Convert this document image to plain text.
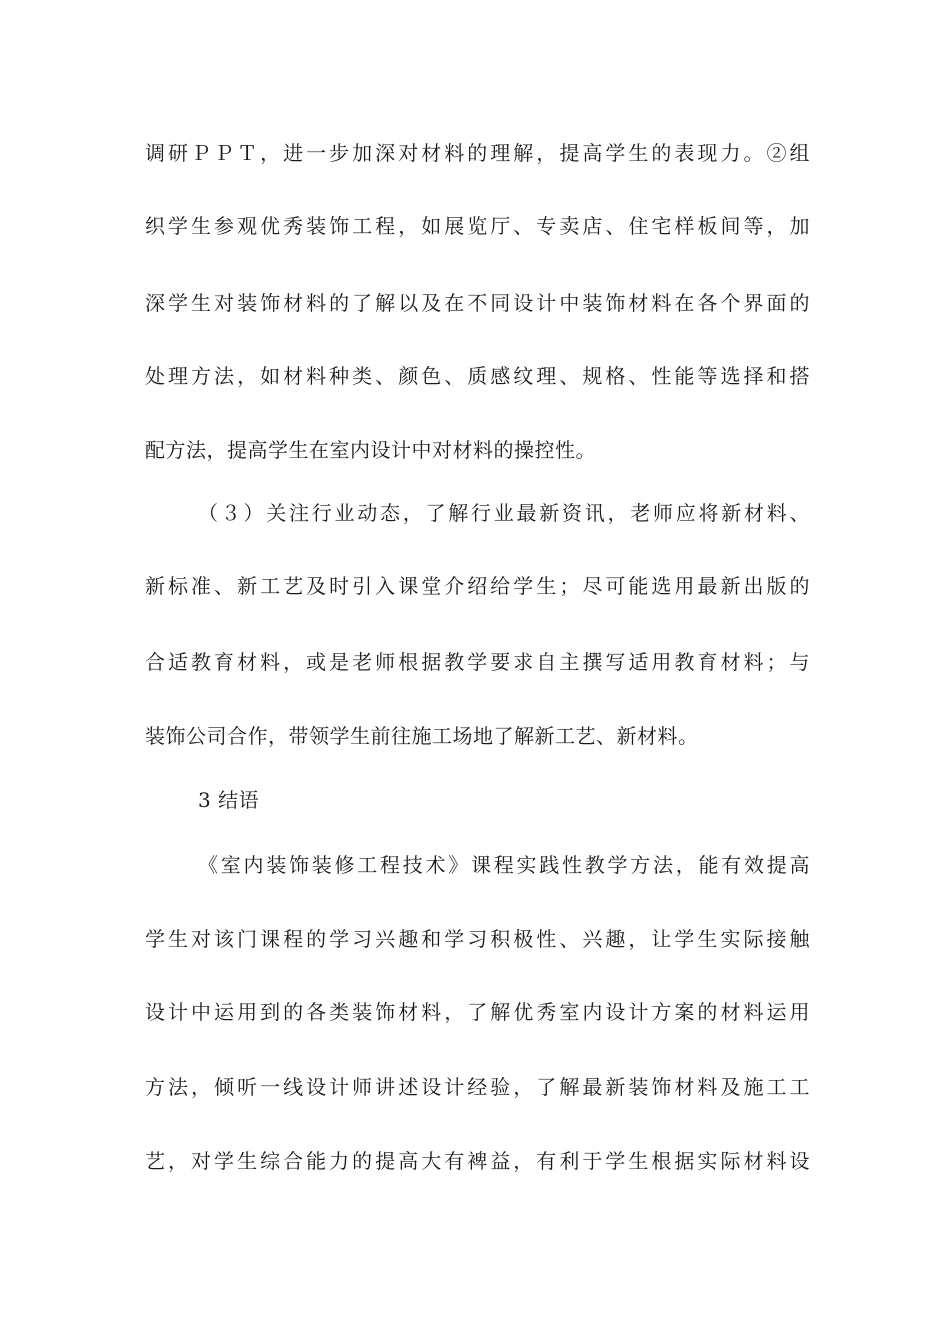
调研ＰＰＴ，进一步加深对材料的理解，提高学生的表现力。②组
织学生参观优秀装饰工程，如展览厅、专卖店、住宅样板间等，加
深学生对装饰材料的了解以及在不同设计中装饰材料在各个界面的
处理方法，如材料种类、颜色、质感纹理、规格、性能等选择和搭
配方法，提高学生在室内设计中对材料的操控性。
（３）关注行业动态，了解行业最新资讯，老师应将新材料、
新标准、新工艺及时引入课堂介绍给学生；尽可能选用最新出版的
合适教育材料，或是老师根据教学要求自主撰写适用教育材料；与
装饰公司合作，带领学生前往施工场地了解新工艺、新材料。
3 结语
《室内装饰装修工程技术》课程实践性教学方法，能有效提高
学生对该门课程的学习兴趣和学习积极性、兴趣，让学生实际接触
设计中运用到的各类装饰材料，了解优秀室内设计方案的材料运用
方法，倾听一线设计师讲述设计经验，了解最新装饰材料及施工工
艺，对学生综合能力的提高大有裨益，有利于学生根据实际材料设
